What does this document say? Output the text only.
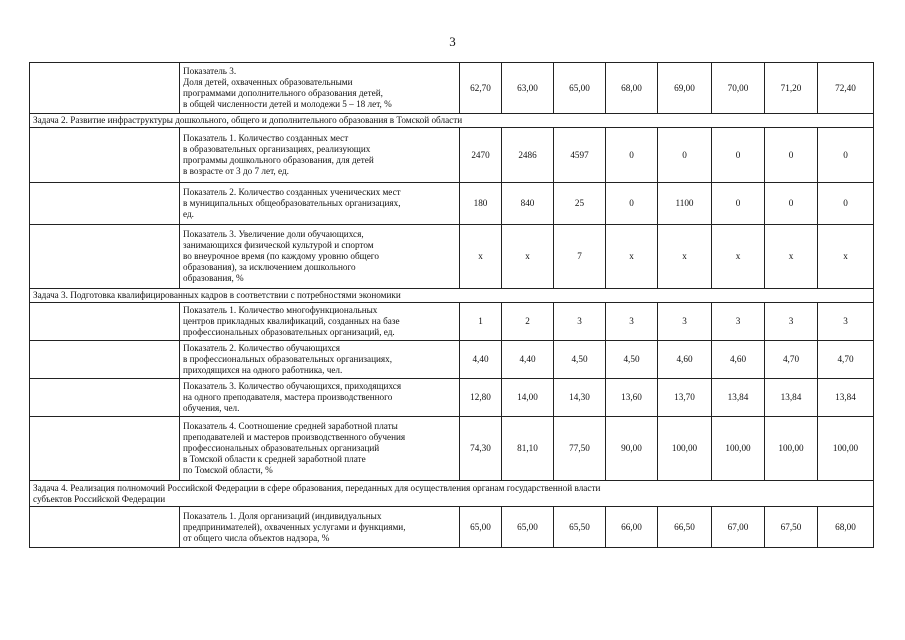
3
	Показатель 3.
Доля детей, охваченных образовательными
программами дополнительного образования детей,
в общей численности детей и молодежи 5 – 18 лет, %	62,70	63,00	65,00	68,00	69,00	70,00	71,20	72,40
Задача 2. Развитие инфраструктуры дошкольного, общего и дополнительного образования в Томской области									
	Показатель 1. Количество созданных мест
в образовательных организациях, реализующих
программы дошкольного образования, для детей
в возрасте от 3 до 7 лет, ед.	2470	2486	4597	0	0	0	0	0
	Показатель 2. Количество созданных ученических мест
в муниципальных общеобразовательных организациях,
ед.	180	840	25	0	1100	0	0	0
	Показатель 3. Увеличение доли обучающихся,
занимающихся физической культурой и спортом
во внеурочное время (по каждому уровню общего
образования), за исключением дошкольного
образования, %	x	x	7	x	x	x	x	x
Задача 3. Подготовка квалифицированных кадров в соответствии с потребностями экономики									
	Показатель 1. Количество многофункциональных
центров прикладных квалификаций, созданных на базе
профессиональных образовательных организаций, ед.	1	2	3	3	3	3	3	3
	Показатель 2. Количество обучающихся
в профессиональных образовательных организациях,
приходящихся на одного работника, чел.	4,40	4,40	4,50	4,50	4,60	4,60	4,70	4,70
	Показатель 3. Количество обучающихся, приходящихся
на одного преподавателя, мастера производственного
обучения, чел.	12,80	14,00	14,30	13,60	13,70	13,84	13,84	13,84
	Показатель 4. Соотношение средней заработной платы
преподавателей и мастеров производственного обучения
профессиональных образовательных организаций
в Томской области к средней заработной плате
по Томской области, %	74,30	81,10	77,50	90,00	100,00	100,00	100,00	100,00
Задача 4. Реализация полномочий Российской Федерации в сфере образования, переданных для осуществления органам государственной власти
субъектов Российской Федерации									
	Показатель 1. Доля организаций (индивидуальных
предпринимателей), охваченных услугами и функциями,
от общего числа объектов надзора, %	65,00	65,00	65,50	66,00	66,50	67,00	67,50	68,00
